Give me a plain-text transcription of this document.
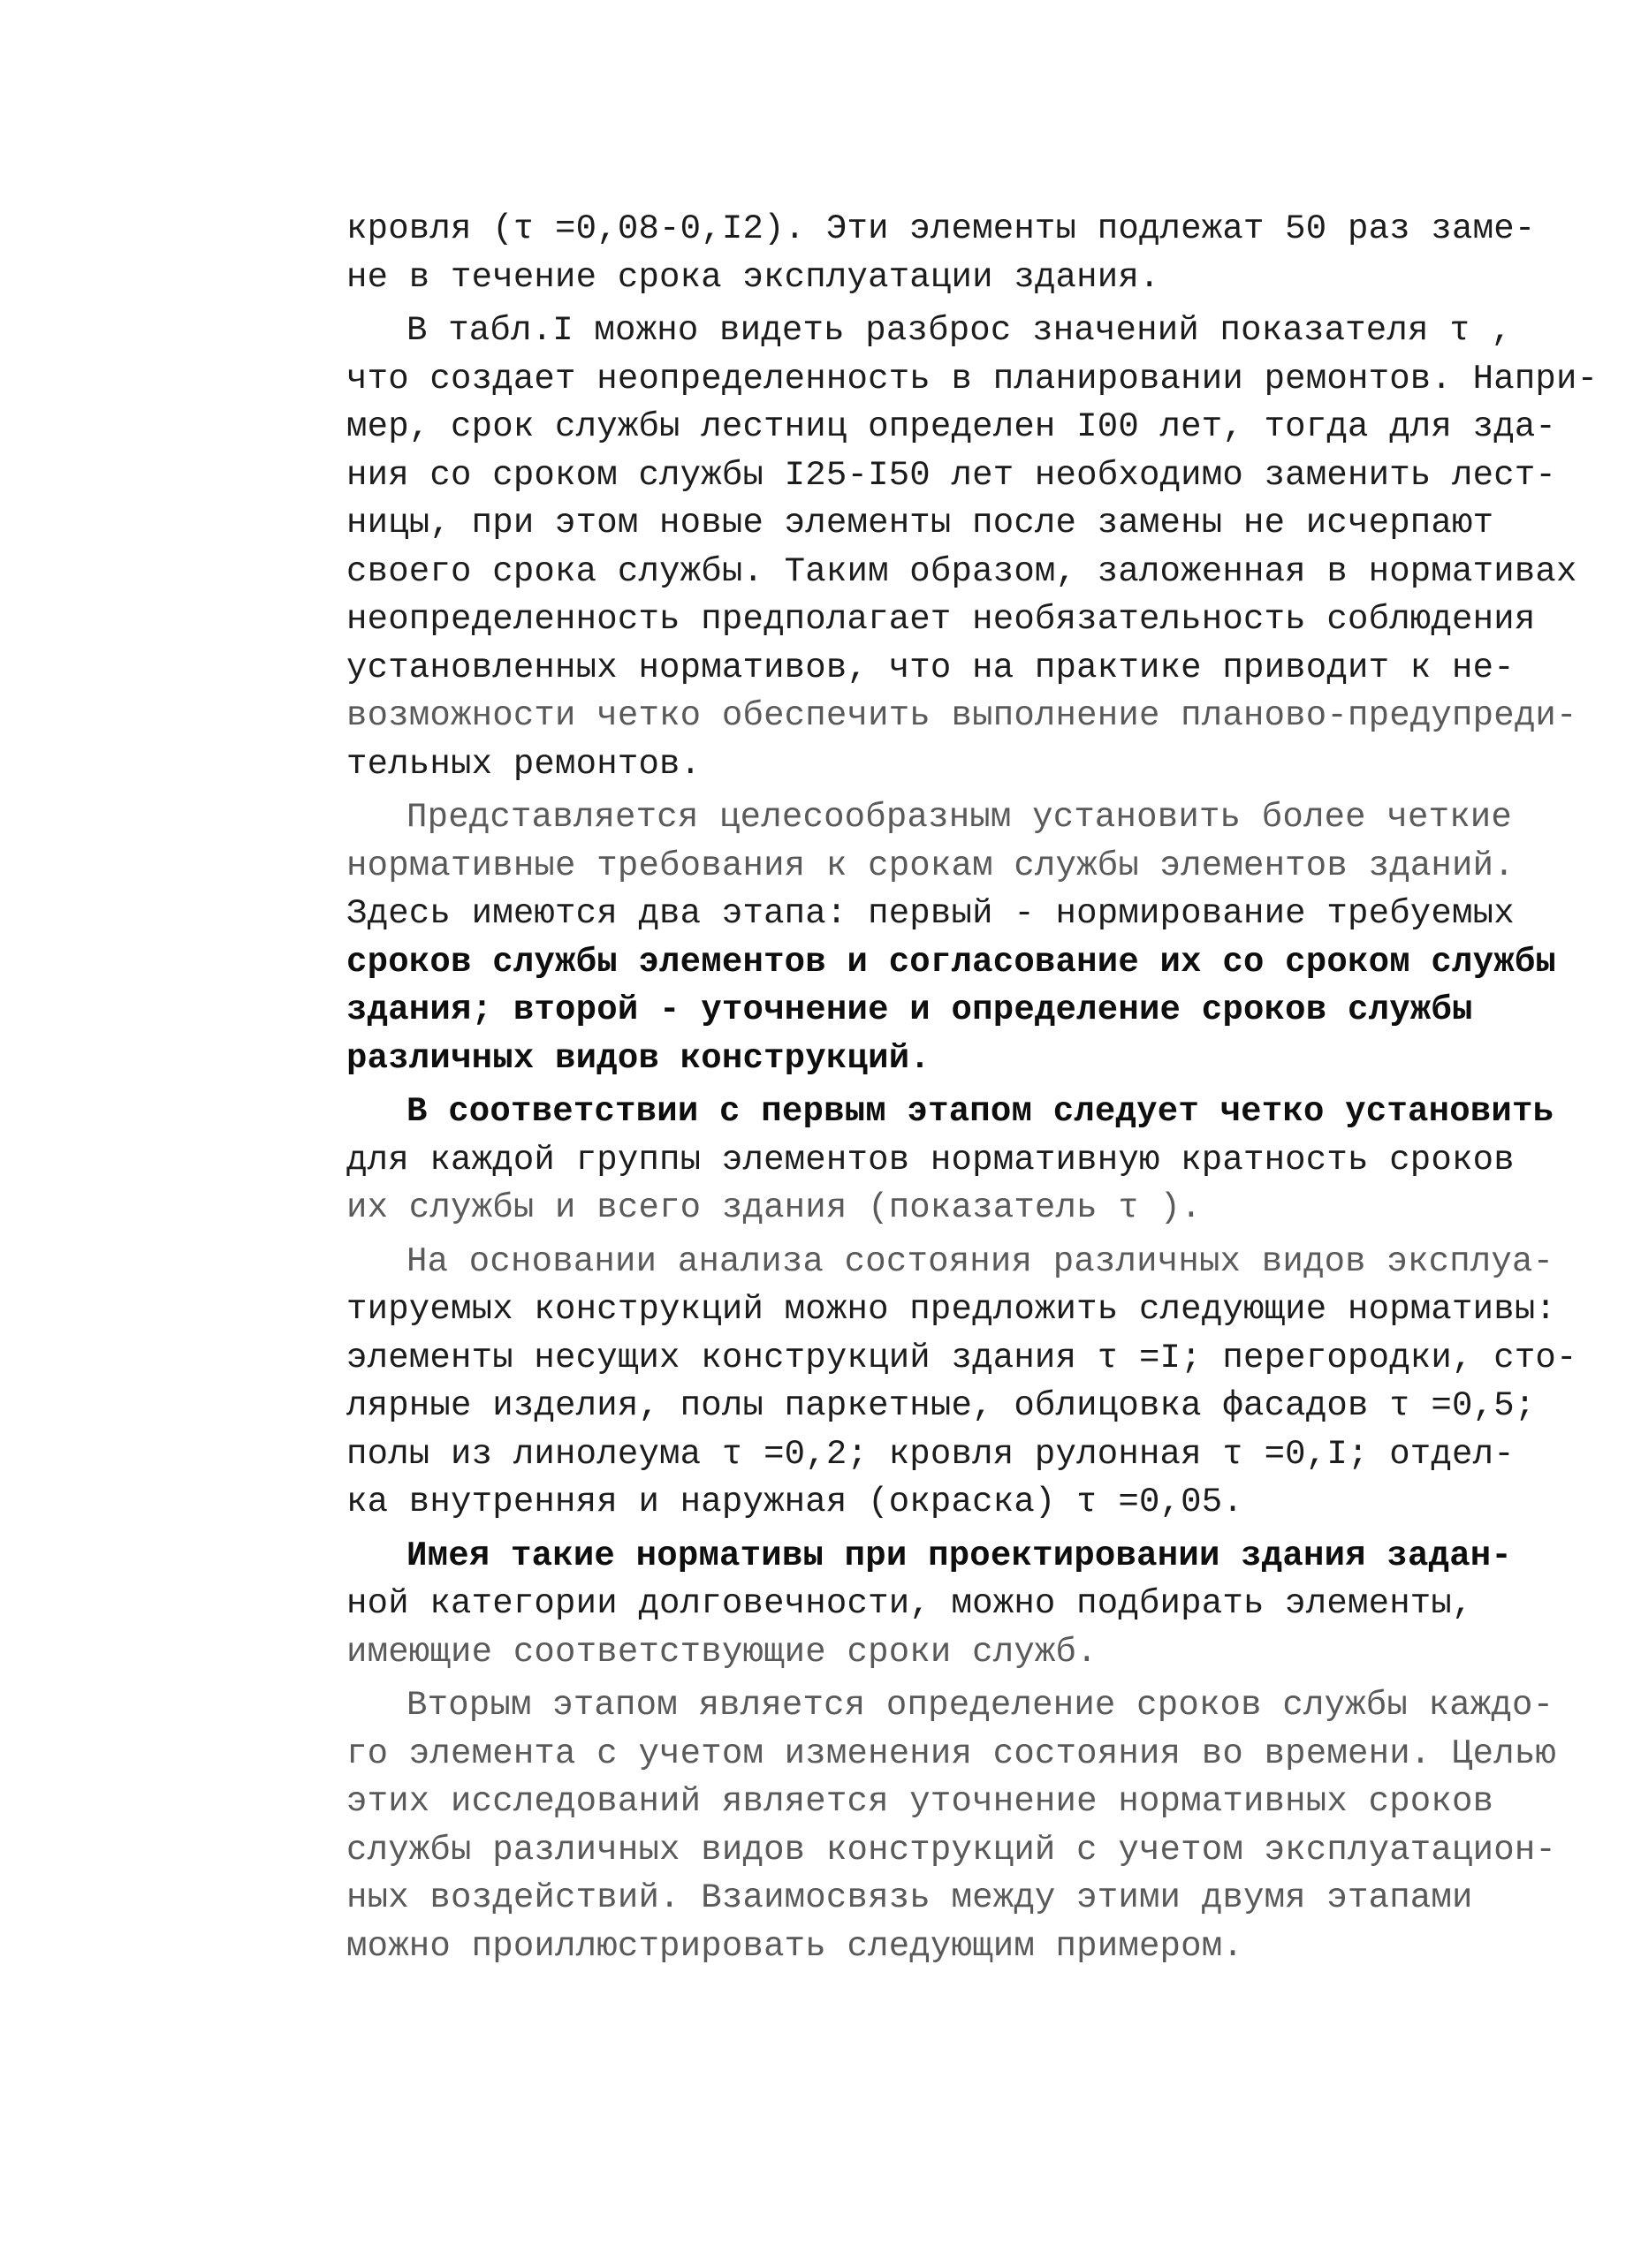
кровля (τ =0,08-0,I2). Эти элементы подлежат 50 раз заме-
не в течение срока эксплуатации здания.
В табл.I можно видеть разброс значений показателя τ ,
что создает неопределенность в планировании ремонтов. Напри-
мер, срок службы лестниц определен I00 лет, тогда для зда-
ния со сроком службы I25-I50 лет необходимо заменить лест-
ницы, при этом новые элементы после замены не исчерпают
своего срока службы. Таким образом, заложенная в нормативах
неопределенность предполагает необязательность соблюдения
установленных нормативов, что на практике приводит к не-
возможности четко обеспечить выполнение планово-предупреди-
тельных ремонтов.
Представляется целесообразным установить более четкие
нормативные требования к срокам службы элементов зданий.
Здесь имеются два этапа: первый - нормирование требуемых
сроков службы элементов и согласование их со сроком службы
здания; второй - уточнение и определение сроков службы
различных видов конструкций.
В соответствии с первым этапом следует четко установить
для каждой группы элементов нормативную кратность сроков
их службы и всего здания (показатель τ ).
На основании анализа состояния различных видов эксплуа-
тируемых конструкций можно предложить следующие нормативы:
элементы несущих конструкций здания τ =I; перегородки, сто-
лярные изделия, полы паркетные, облицовка фасадов τ =0,5;
полы из линолеума τ =0,2; кровля рулонная τ =0,I; отдел-
ка внутренняя и наружная (окраска) τ =0,05.
Имея такие нормативы при проектировании здания задан-
ной категории долговечности, можно подбирать элементы,
имеющие соответствующие сроки служб.
Вторым этапом является определение сроков службы каждо-
го элемента с учетом изменения состояния во времени. Целью
этих исследований является уточнение нормативных сроков
службы различных видов конструкций с учетом эксплуатацион-
ных воздействий. Взаимосвязь между этими двумя этапами
можно проиллюстрировать следующим примером.
